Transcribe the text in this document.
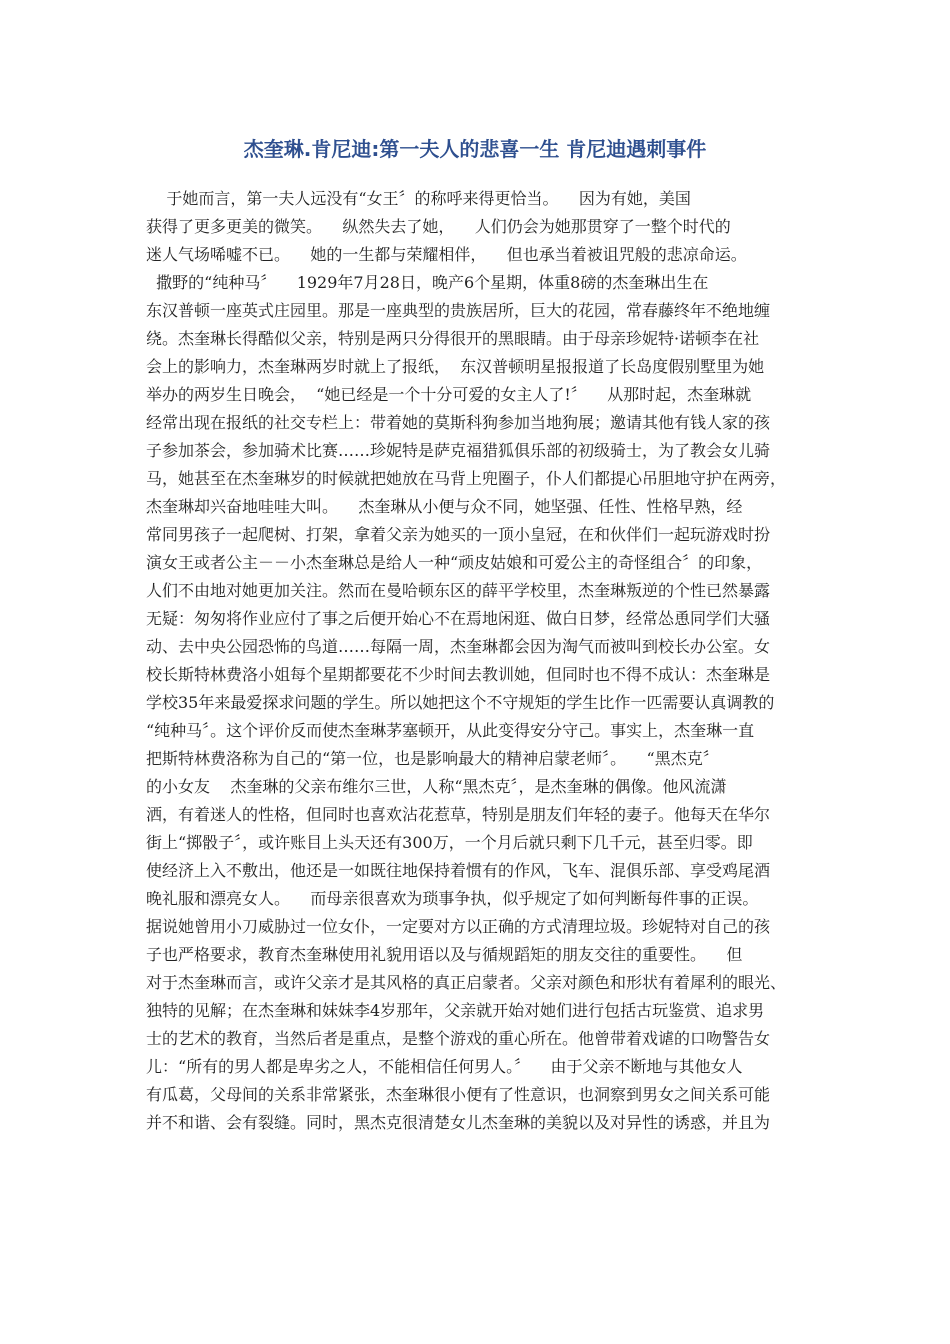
杰奎琳.肯尼迪:第一夫人的悲喜一生 肯尼迪遇刺事件
于她而言，第一夫人远没有“女王〞的称呼来得更恰当。    因为有她，美国
获得了更多更美的微笑。    纵然失去了她，    人们仍会为她那贯穿了一整个时代的
迷人气场唏嘘不已。    她的一生都与荣耀相伴，    但也承当着被诅咒般的悲凉命运。
撒野的“纯种马〞    1929年7月28日，晚产6个星期，体重8磅的杰奎琳出生在
东汉普顿一座英式庄园里。那是一座典型的贵族居所，巨大的花园，常春藤终年不绝地缠
绕。杰奎琳长得酷似父亲，特别是两只分得很开的黑眼睛。由于母亲珍妮特·诺顿李在社
会上的影响力，杰奎琳两岁时就上了报纸，  东汉普顿明星报报道了长岛度假别墅里为她
举办的两岁生日晚会，  “她已经是一个十分可爱的女主人了!〞    从那时起，杰奎琳就
经常出现在报纸的社交专栏上：带着她的莫斯科狗参加当地狗展；邀请其他有钱人家的孩
子参加茶会，参加骑术比赛……珍妮特是萨克福猎狐俱乐部的初级骑士，为了教会女儿骑
马，她甚至在杰奎琳岁的时候就把她放在马背上兜圈子，仆人们都提心吊胆地守护在两旁，
杰奎琳却兴奋地哇哇大叫。    杰奎琳从小便与众不同，她坚强、任性、性格早熟，经
常同男孩子一起爬树、打架，拿着父亲为她买的一顶小皇冠，在和伙伴们一起玩游戏时扮
演女王或者公主－－小杰奎琳总是给人一种“顽皮姑娘和可爱公主的奇怪组合〞的印象，
人们不由地对她更加关注。然而在曼哈顿东区的薛平学校里，杰奎琳叛逆的个性已然暴露
无疑：匆匆将作业应付了事之后便开始心不在焉地闲逛、做白日梦，经常怂恿同学们大骚
动、去中央公园恐怖的鸟道……每隔一周，杰奎琳都会因为淘气而被叫到校长办公室。女
校长斯特林费洛小姐每个星期都要花不少时间去教训她，但同时也不得不成认：杰奎琳是
学校35年来最爱探求问题的学生。所以她把这个不守规矩的学生比作一匹需要认真调教的
“纯种马〞。这个评价反而使杰奎琳茅塞顿开，从此变得安分守己。事实上，杰奎琳一直
把斯特林费洛称为自己的“第一位，也是影响最大的精神启蒙老师〞。    “黑杰克〞
的小女友    杰奎琳的父亲布维尔三世，人称“黑杰克〞，是杰奎琳的偶像。他风流潇
洒，有着迷人的性格，但同时也喜欢沾花惹草，特别是朋友们年轻的妻子。他每天在华尔
街上“掷骰子〞，或许账目上头天还有300万，一个月后就只剩下几千元，甚至归零。即
使经济上入不敷出，他还是一如既往地保持着惯有的作风，飞车、混俱乐部、享受鸡尾酒
晚礼服和漂亮女人。    而母亲很喜欢为琐事争执，似乎规定了如何判断每件事的正误。
据说她曾用小刀威胁过一位女仆，一定要对方以正确的方式清理垃圾。珍妮特对自己的孩
子也严格要求，教育杰奎琳使用礼貌用语以及与循规蹈矩的朋友交往的重要性。    但
对于杰奎琳而言，或许父亲才是其风格的真正启蒙者。父亲对颜色和形状有着犀利的眼光、
独特的见解；在杰奎琳和妹妹李4岁那年，父亲就开始对她们进行包括古玩鉴赏、追求男
士的艺术的教育，当然后者是重点，是整个游戏的重心所在。他曾带着戏谑的口吻警告女
儿：“所有的男人都是卑劣之人，不能相信任何男人。〞    由于父亲不断地与其他女人
有瓜葛，父母间的关系非常紧张，杰奎琳很小便有了性意识，也洞察到男女之间关系可能
并不和谐、会有裂缝。同时，黑杰克很清楚女儿杰奎琳的美貌以及对异性的诱惑，并且为
